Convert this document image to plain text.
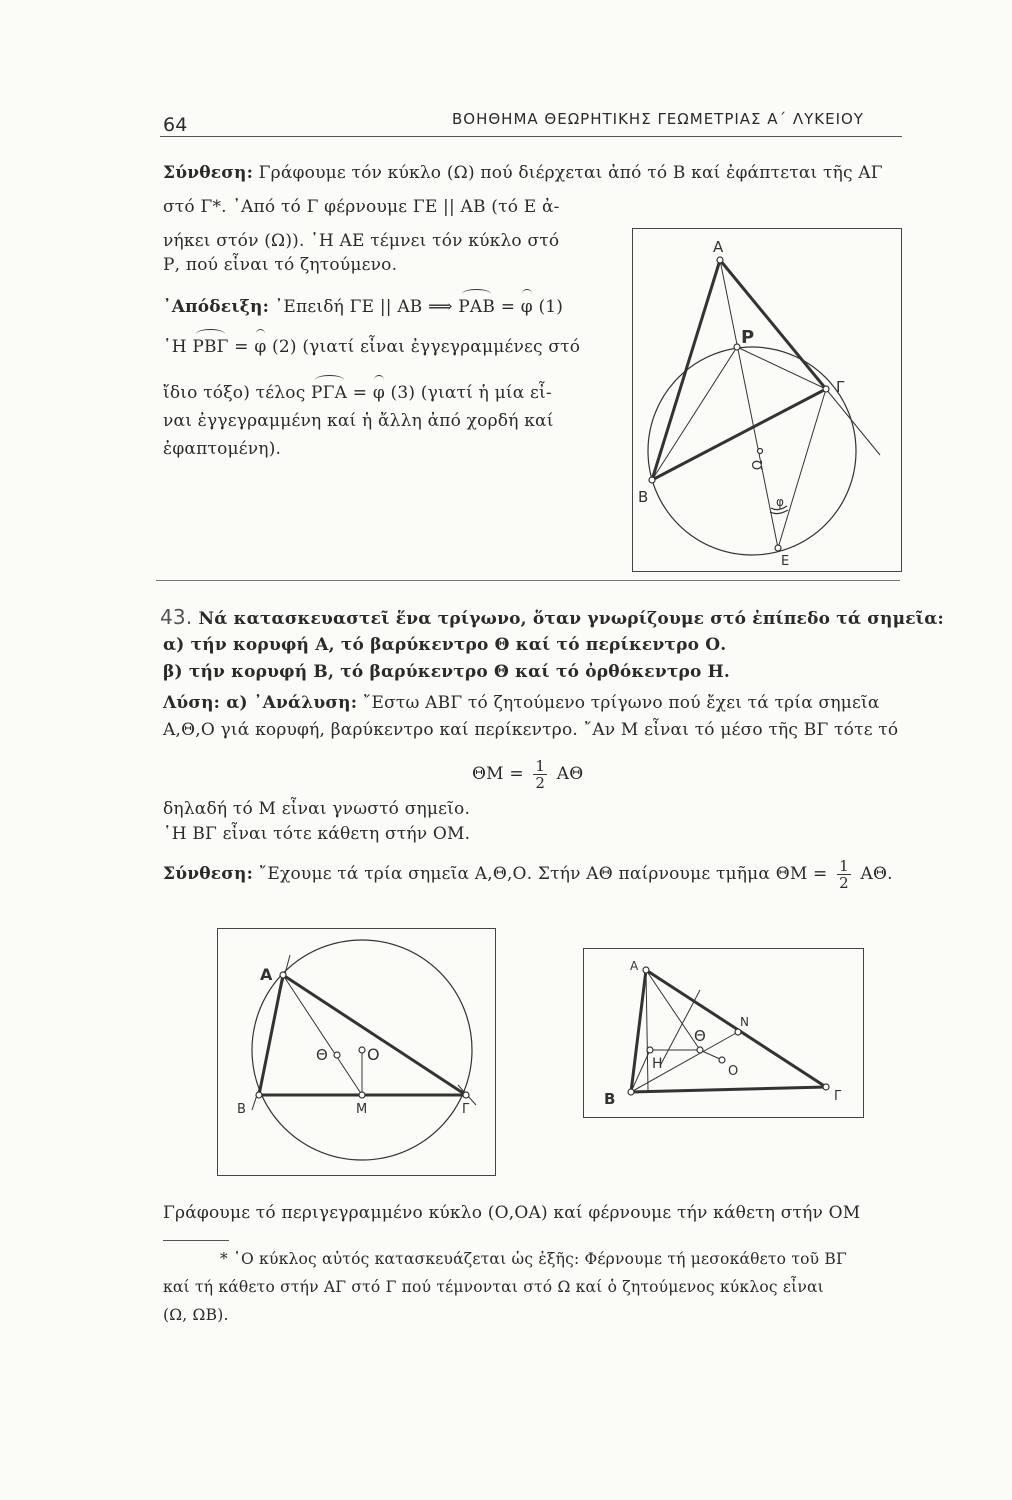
64	ΒΟΗΘΗΜΑ ΘΕΩΡΗΤΙΚΗΣ ΓΕΩΜΕΤΡΙΑΣ Α΄ ΛΥΚΕΙΟΥ
Σύνθεση: Γράφουμε τόν κύκλο (Ω) πού διέρχεται ἀπό τό Β καί ἐφάπτεται τῆς ΑΓ
στό Γ*. ᾿Από τό Γ φέρνουμε ΓΕ || ΑΒ (τό Ε ἀ-
νήκει στόν (Ω)). ῾Η ΑΕ τέμνει τόν κύκλο στό
Ρ, πού εἶναι τό ζητούμενο.
᾿Απόδειξη: ᾿Επειδή ΓΕ || ΑΒ ⟹ ΡΑΒ = φ (1)
῾Η ΡΒΓ = φ (2) (γιατί εἶναι ἐγγεγραμμένες στό
ἴδιο τόξο) τέλος ΡΓΑ = φ (3) (γιατί ἡ μία εἶ-
ναι ἐγγεγραμμένη καί ἡ ἄλλη ἀπό χορδή καί
ἐφαπτομένη).
Α
Ρ
Γ
Ω
Β	φ
Ε
43. Νά κατασκευαστεῖ ἕνα τρίγωνο, ὅταν γνωρίζουμε στό ἐπίπεδο τά σημεῖα:
α) τήν κορυφή Α, τό βαρύκεντρο Θ καί τό περίκεντρο Ο.
β) τήν κορυφή Β, τό βαρύκεντρο Θ καί τό ὀρθόκεντρο Η.
Λύση: α) ᾿Ανάλυση: ῎Εστω ΑΒΓ τό ζητούμενο τρίγωνο πού ἔχει τά τρία σημεῖα
Α,Θ,Ο γιά κορυφή, βαρύκεντρο καί περίκεντρο. ῎Αν Μ εἶναι τό μέσο τῆς ΒΓ τότε τό
$\Theta M = \frac{1}{2}$ ΑΘ
δηλαδή τό Μ εἶναι γνωστό σημεῖο.
῾Η ΒΓ εἶναι τότε κάθετη στήν ΟΜ.
Σύνθεση: ῎Εχουμε τά τρία σημεῖα Α,Θ,Ο. Στήν ΑΘ παίρνουμε τμῆμα $\Theta M = \frac{1}{2} A\Theta$.
Α
Θ Ο
Β	Μ	Γ
Α
Ν
Θ
Η	Ο
Β	Γ
Γράφουμε τό περιγεγραμμένο κύκλο (Ο,ΟΑ) καί φέρνουμε τήν κάθετη στήν ΟΜ
* ῾Ο κύκλος αὐτός κατασκευάζεται ὡς ἑξῆς: Φέρνουμε τή μεσοκάθετο τοῦ ΒΓ
καί τή κάθετο στήν ΑΓ στό Γ πού τέμνονται στό Ω καί ὁ ζητούμενος κύκλος εἶναι
(Ω, ΩΒ).
